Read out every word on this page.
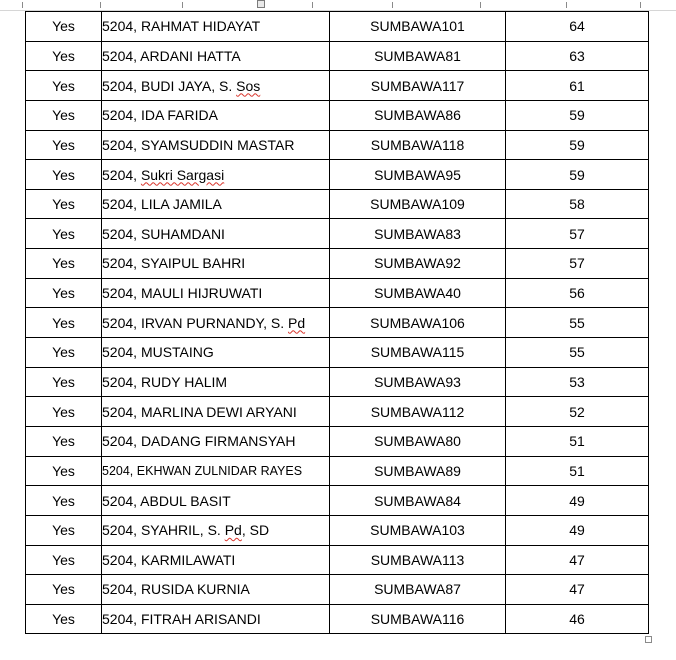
Yes	5204, RAHMAT HIDAYAT	SUMBAWA101	64
Yes	5204, ARDANI HATTA	SUMBAWA81	63
Yes	5204, BUDI JAYA, S. Sos	SUMBAWA117	61
Yes	5204, IDA FARIDA	SUMBAWA86	59
Yes	5204, SYAMSUDDIN MASTAR	SUMBAWA118	59
Yes	5204, Sukri Sargasi	SUMBAWA95	59
Yes	5204, LILA JAMILA	SUMBAWA109	58
Yes	5204, SUHAMDANI	SUMBAWA83	57
Yes	5204, SYAIPUL BAHRI	SUMBAWA92	57
Yes	5204, MAULI HIJRUWATI	SUMBAWA40	56
Yes	5204, IRVAN PURNANDY, S. Pd	SUMBAWA106	55
Yes	5204, MUSTAING	SUMBAWA115	55
Yes	5204, RUDY HALIM	SUMBAWA93	53
Yes	5204, MARLINA DEWI ARYANI	SUMBAWA112	52
Yes	5204, DADANG FIRMANSYAH	SUMBAWA80	51
Yes	5204, EKHWAN ZULNIDAR RAYES	SUMBAWA89	51
Yes	5204, ABDUL BASIT	SUMBAWA84	49
Yes	5204, SYAHRIL, S. Pd, SD	SUMBAWA103	49
Yes	5204, KARMILAWATI	SUMBAWA113	47
Yes	5204, RUSIDA KURNIA	SUMBAWA87	47
Yes	5204, FITRAH ARISANDI	SUMBAWA116	46
